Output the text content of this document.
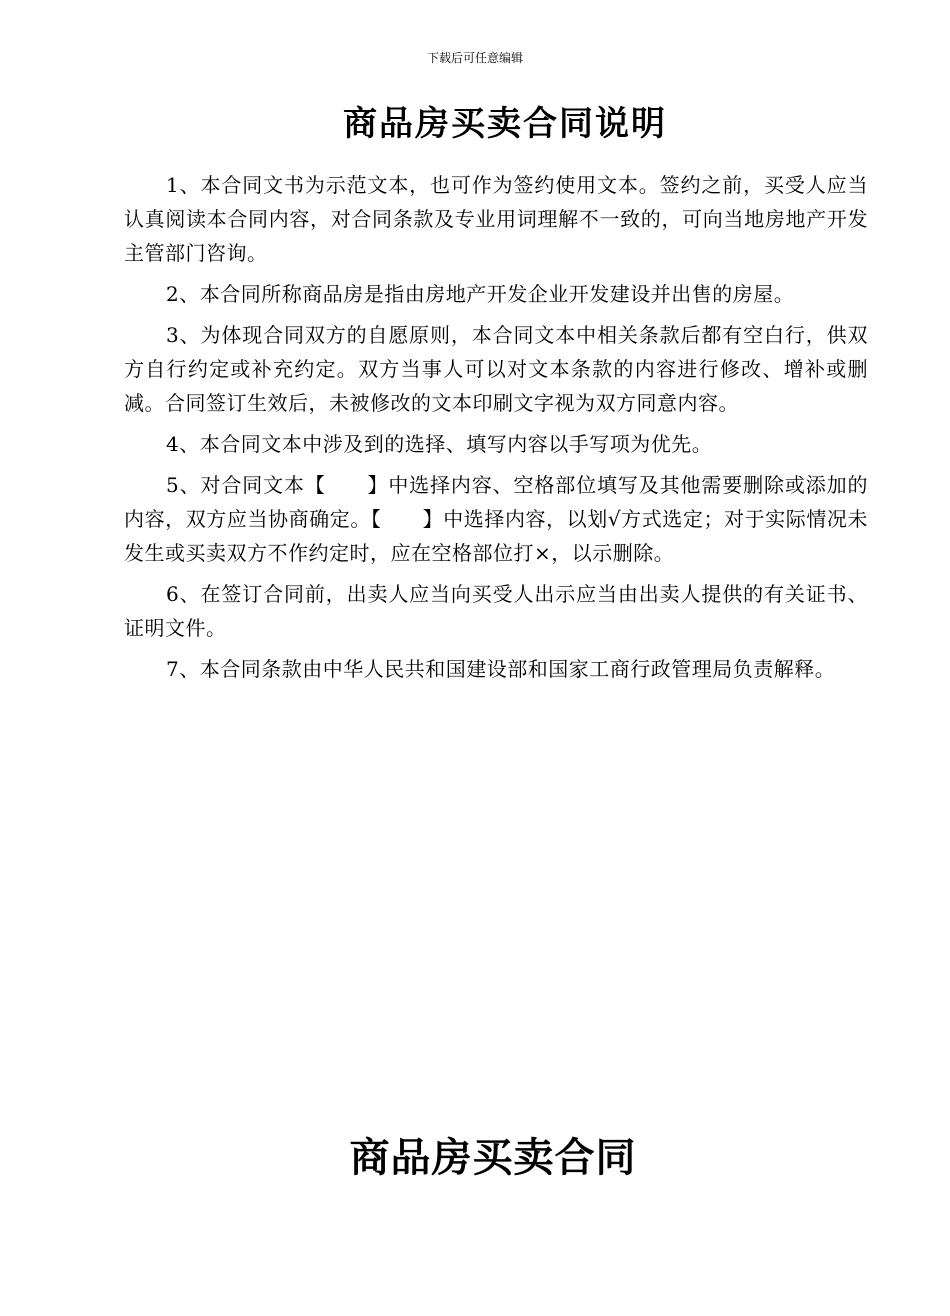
下载后可任意编辑
商品房买卖合同说明

1、本合同文书为示范文本，也可作为签约使用文本。签约之前，买受人应当认真阅读本合同内容，对合同条款及专业用词理解不一致的，可向当地房地产开发主管部门咨询。

2、本合同所称商品房是指由房地产开发企业开发建设并出售的房屋。

3、为体现合同双方的自愿原则，本合同文本中相关条款后都有空白行，供双方自行约定或补充约定。双方当事人可以对文本条款的内容进行修改、增补或删减。合同签订生效后，未被修改的文本印刷文字视为双方同意内容。

4、本合同文本中涉及到的选择、填写内容以手写项为优先。

5、对合同文本【　　】中选择内容、空格部位填写及其他需要删除或添加的内容，双方应当协商确定。【　　】中选择内容，以划√方式选定；对于实际情况未发生或买卖双方不作约定时，应在空格部位打×，以示删除。

6、在签订合同前，出卖人应当向买受人出示应当由出卖人提供的有关证书、证明文件。

7、本合同条款由中华人民共和国建设部和国家工商行政管理局负责解释。

商品房买卖合同
